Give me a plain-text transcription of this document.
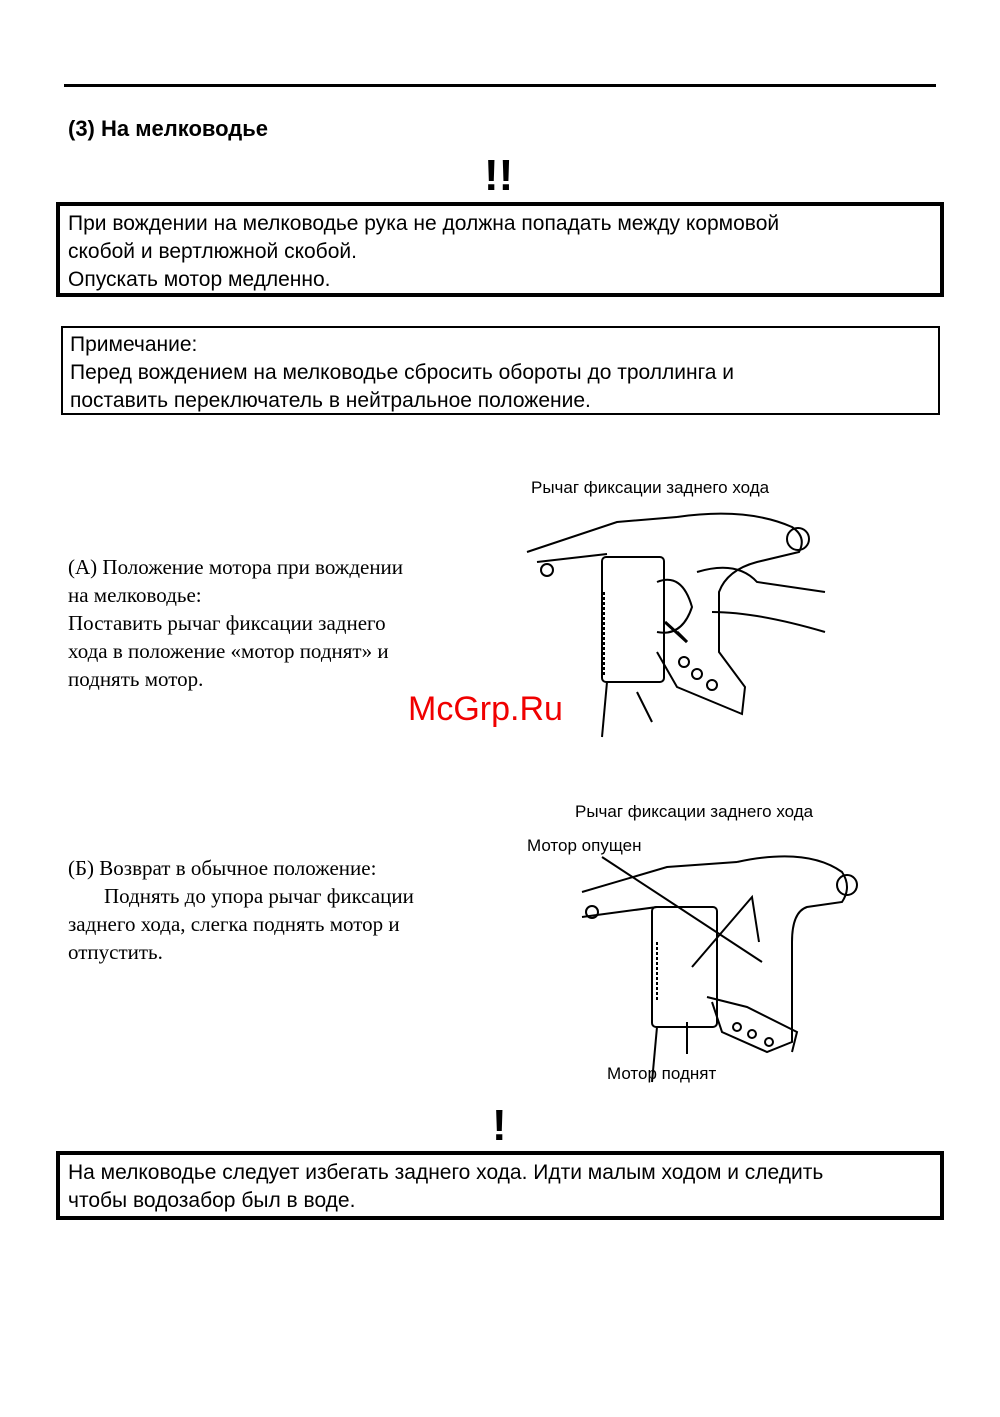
(3) На мелководье
!!

При вождении на мелководье рука не должна попадать между кормовой

скобой и вертлюжной скобой.

Опускать мотор медленно.

Примечание:

Перед вождением на мелководье сбросить обороты до троллинга и

поставить переключатель в нейтральное положение.

(А) Положение мотора при вождении

на мелководье:

Поставить рычаг фиксации заднего

хода в положение «мотор поднят» и

поднять мотор.

(Б) Возврат в обычное положение:

Поднять до упора рычаг фиксации

заднего хода, слегка поднять мотор и

отпустить.

Рычаг фиксации заднего хода
Рычаг фиксации заднего хода
Мотор опущен
Мотор поднят
McGrp.Ru
!

На мелководье следует избегать заднего хода. Идти малым ходом и следить

чтобы водозабор был в воде.
